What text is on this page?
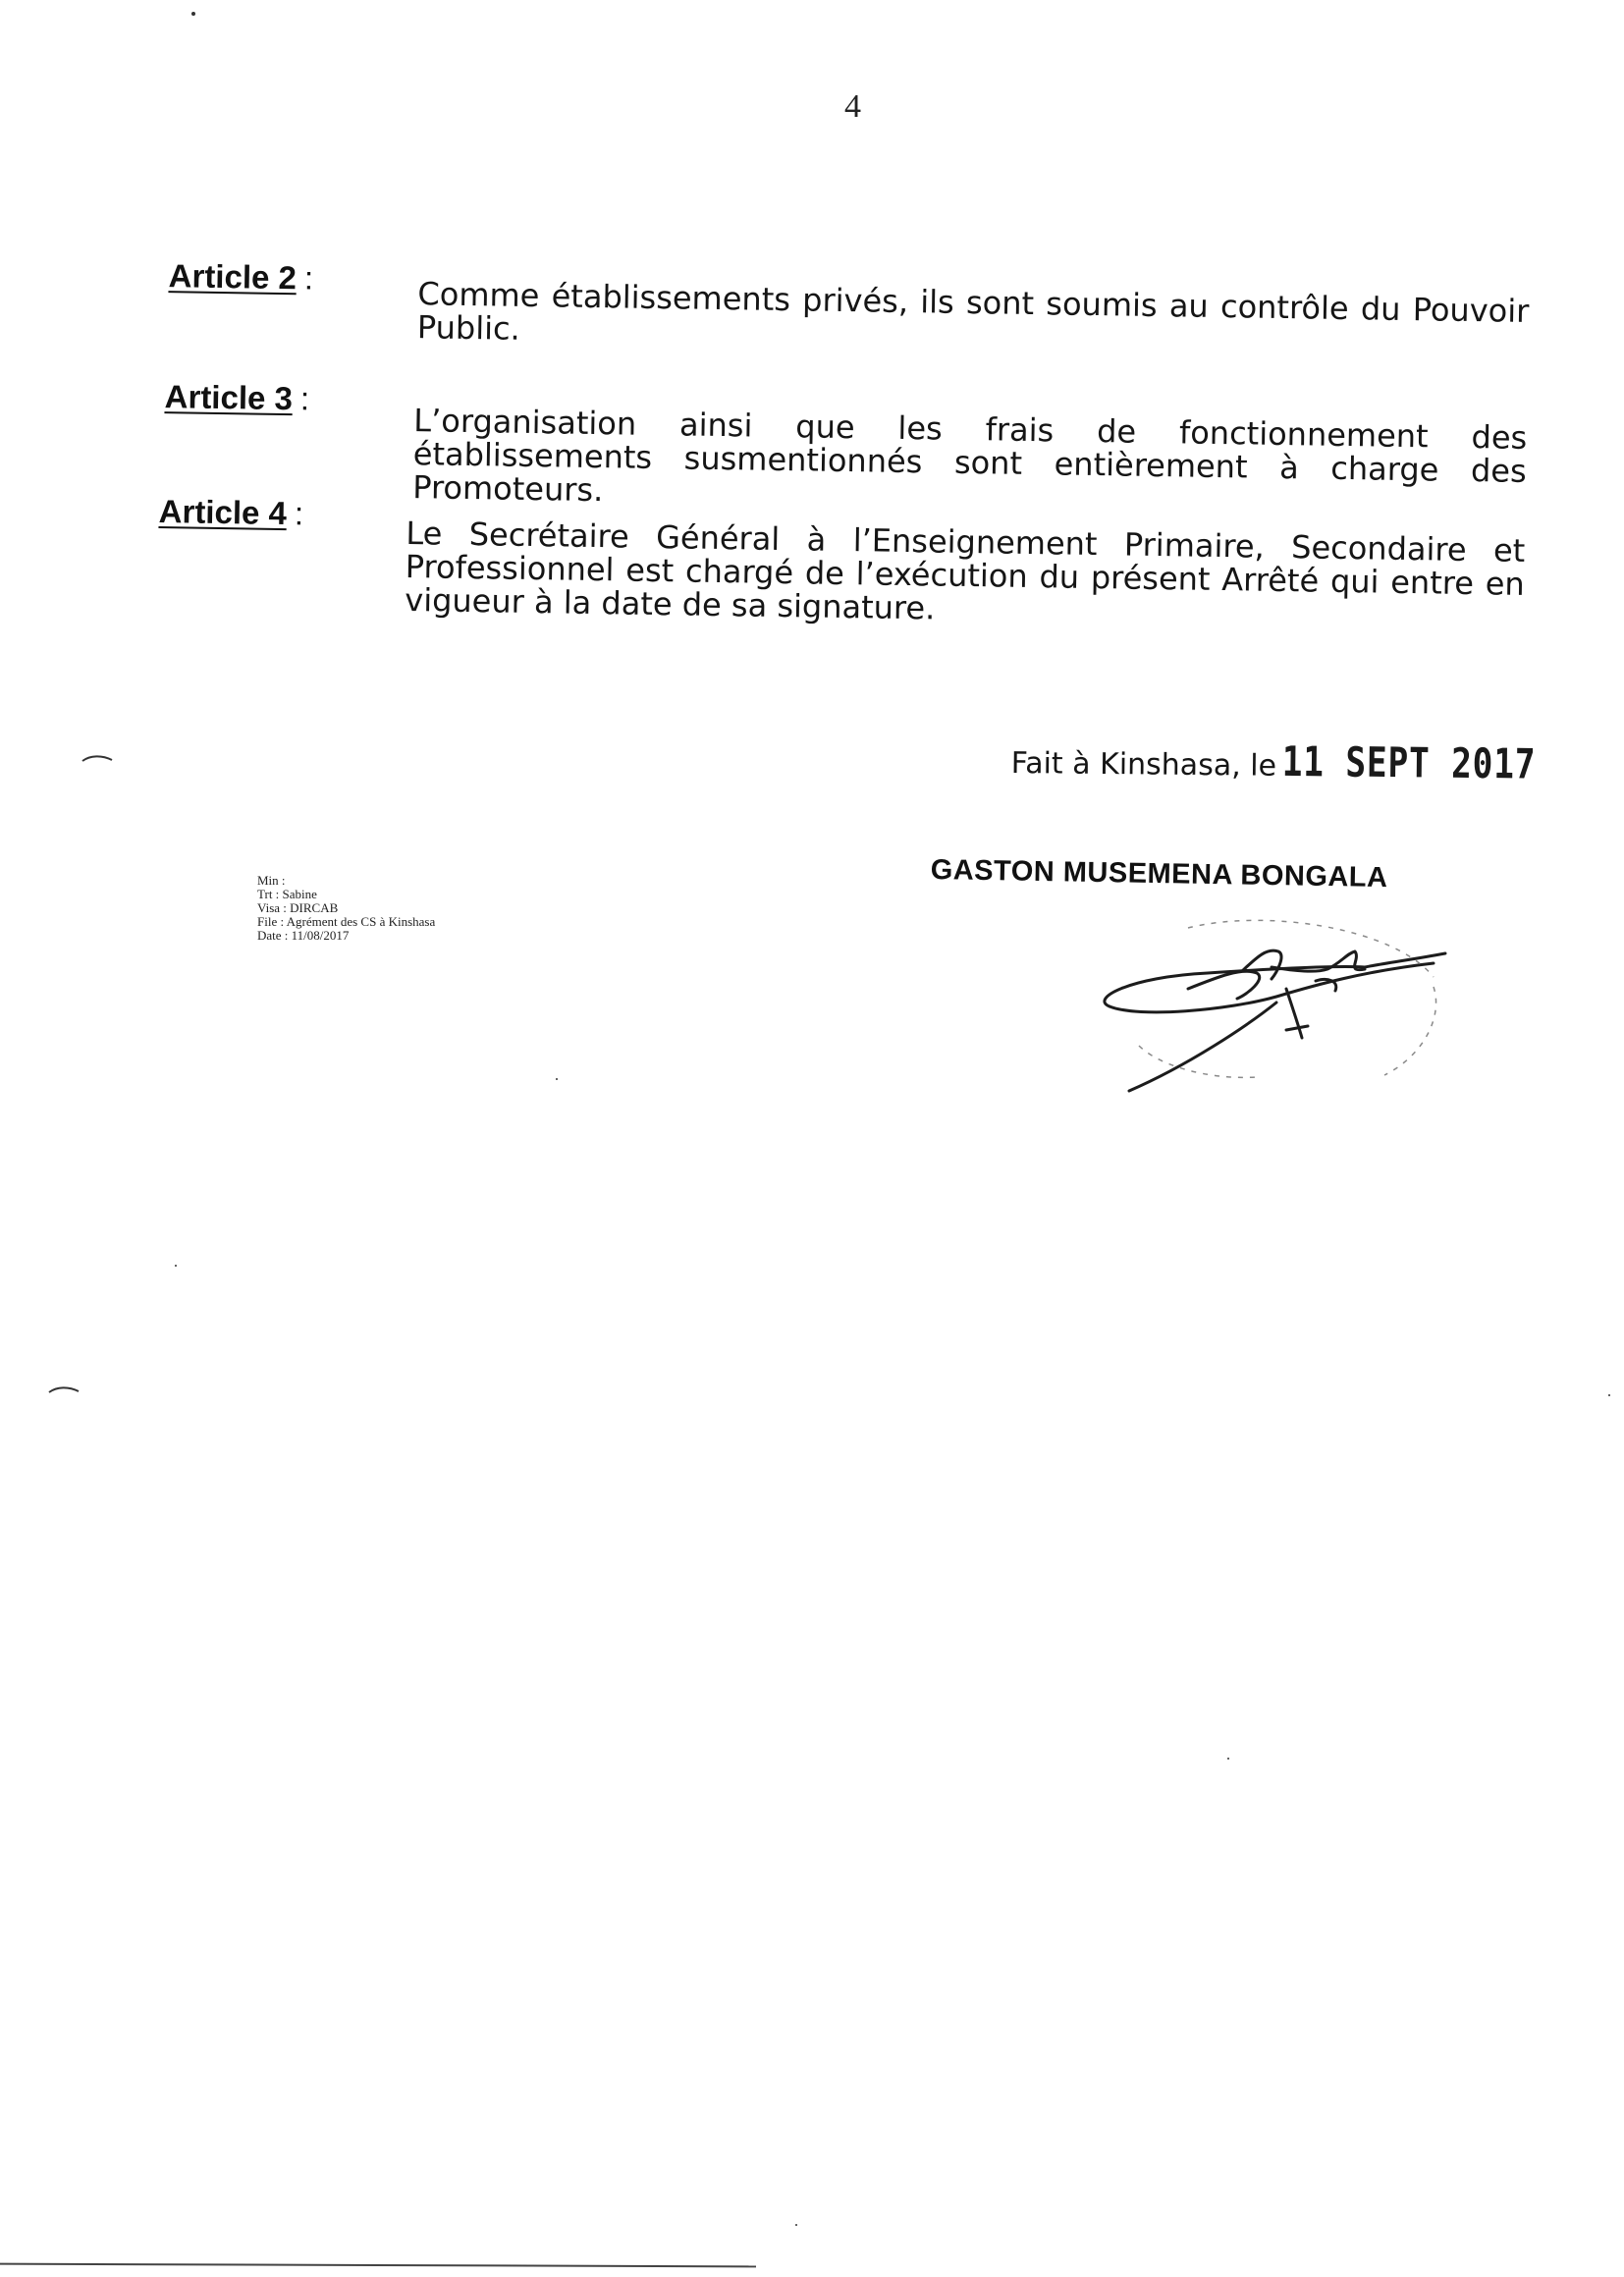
4
Article 2 :	Comme établissements privés, ils sont soumis au contrôle du Pouvoir Public.
Article 3 :
L’organisation ainsi que les frais de fonctionnement des établissements susmentionnés sont entièrement à charge des Promoteurs.
Article 4 :
Le Secrétaire Général à l’Enseignement Primaire, Secondaire et Professionnel est chargé de l’exécution du présent Arrêté qui entre en vigueur à la date de sa signature.
Fait à Kinshasa, le 11 SEPT 2017
GASTON MUSEMENA BONGALA
Min :
Trt : Sabine
Visa : DIRCAB
File : Agrément des CS à Kinshasa
Date : 11/08/2017
